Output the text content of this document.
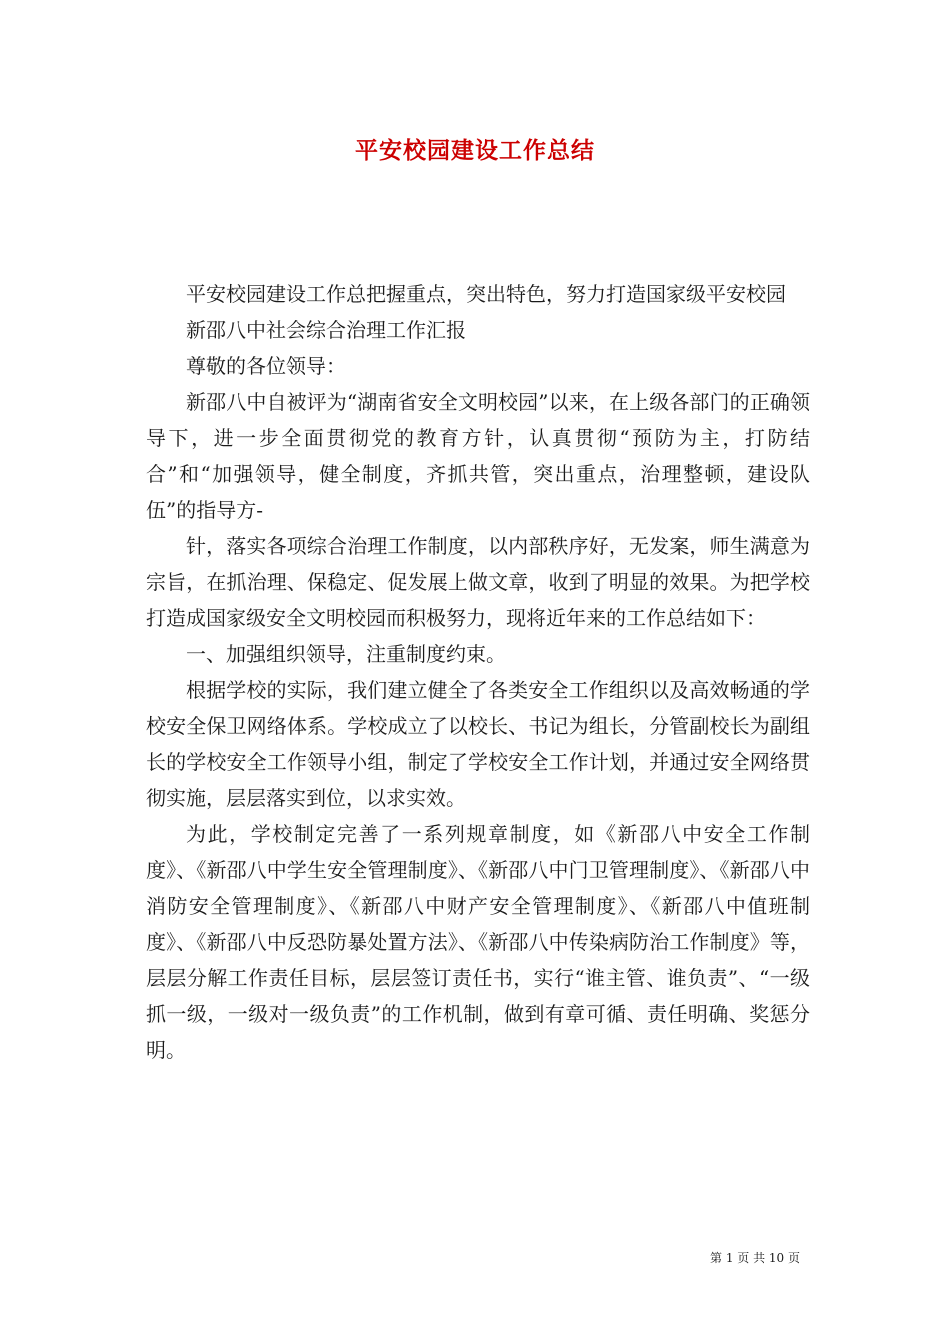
平安校园建设工作总结

平安校园建设工作总把握重点，突出特色，努力打造国家级平安校园

新邵八中社会综合治理工作汇报

尊敬的各位领导：

新邵八中自被评为“湖南省安全文明校园”以来，在上级各部门的正确领导下，进一步全面贯彻党的教育方针，认真贯彻“预防为主，打防结合”和“加强领导，健全制度，齐抓共管，突出重点，治理整顿，建设队伍”的指导方-

针，落实各项综合治理工作制度，以内部秩序好，无发案，师生满意为宗旨，在抓治理、保稳定、促发展上做文章，收到了明显的效果。为把学校打造成国家级安全文明校园而积极努力，现将近年来的工作总结如下：

一、加强组织领导，注重制度约束。

根据学校的实际，我们建立健全了各类安全工作组织以及高效畅通的学校安全保卫网络体系。学校成立了以校长、书记为组长，分管副校长为副组长的学校安全工作领导小组，制定了学校安全工作计划，并通过安全网络贯彻实施，层层落实到位，以求实效。

为此，学校制定完善了一系列规章制度，如《新邵八中安全工作制度》、《新邵八中学生安全管理制度》、《新邵八中门卫管理制度》、《新邵八中消防安全管理制度》、《新邵八中财产安全管理制度》、《新邵八中值班制度》、《新邵八中反恐防暴处置方法》、《新邵八中传染病防治工作制度》等，层层分解工作责任目标，层层签订责任书，实行“谁主管、谁负责”、“一级抓一级，一级对一级负责”的工作机制，做到有章可循、责任明确、奖惩分明。

第 1 页 共 10 页
